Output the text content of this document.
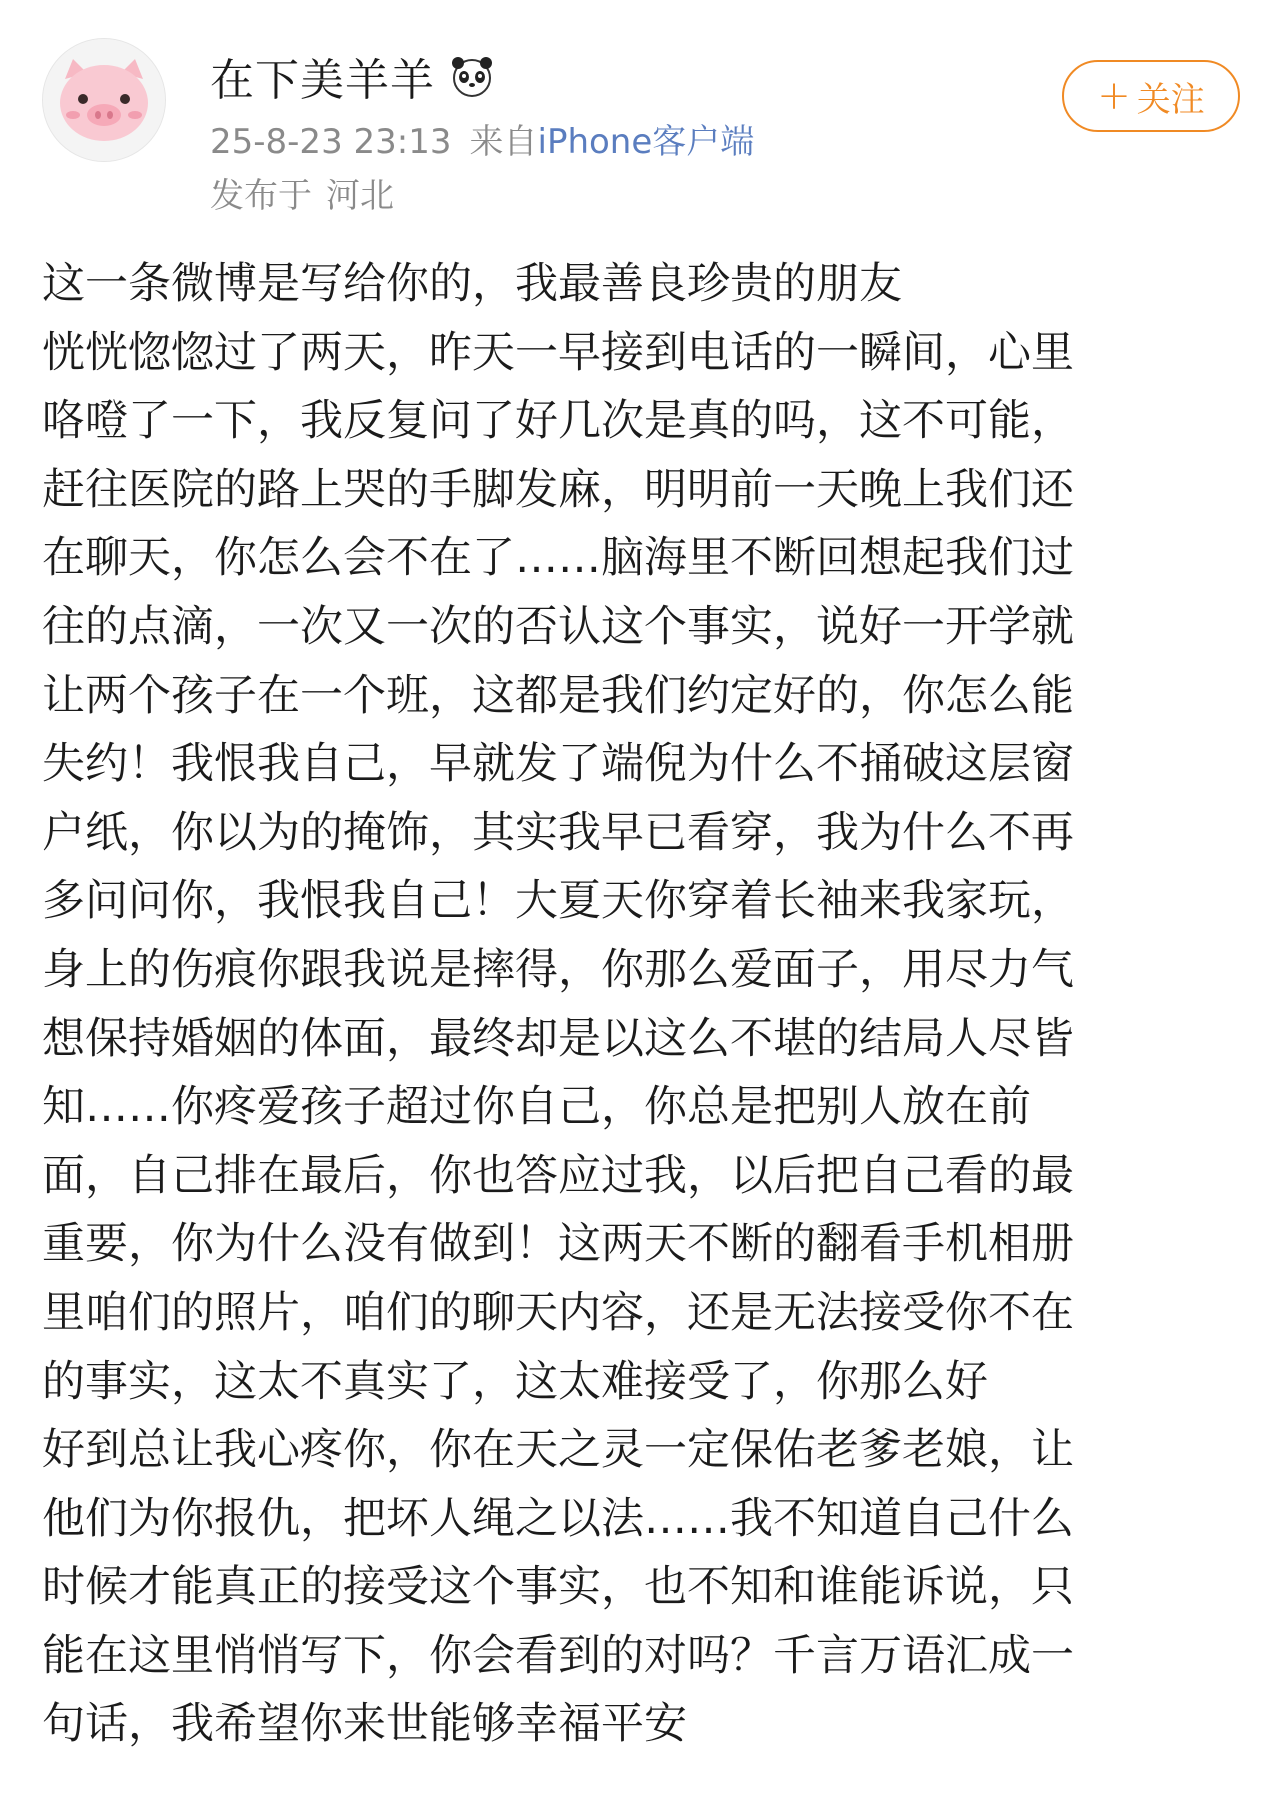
在下美羊羊
25-8-23 23:13 来自iPhone客户端
发布于 河北
+ 关注
这一条微博是写给你的，我最善良珍贵的朋友
恍恍惚惚过了两天，昨天一早接到电话的一瞬间，心里
咯噔了一下，我反复问了好几次是真的吗，这不可能，
赶往医院的路上哭的手脚发麻，明明前一天晚上我们还
在聊天，你怎么会不在了……脑海里不断回想起我们过
往的点滴，一次又一次的否认这个事实，说好一开学就
让两个孩子在一个班，这都是我们约定好的，你怎么能
失约！我恨我自己，早就发了端倪为什么不捅破这层窗
户纸，你以为的掩饰，其实我早已看穿，我为什么不再
多问问你，我恨我自己！大夏天你穿着长袖来我家玩，
身上的伤痕你跟我说是摔得，你那么爱面子，用尽力气
想保持婚姻的体面，最终却是以这么不堪的结局人尽皆
知……你疼爱孩子超过你自己，你总是把别人放在前
面，自己排在最后，你也答应过我，以后把自己看的最
重要，你为什么没有做到！这两天不断的翻看手机相册
里咱们的照片，咱们的聊天内容，还是无法接受你不在
的事实，这太不真实了，这太难接受了，你那么好
好到总让我心疼你，你在天之灵一定保佑老爹老娘，让
他们为你报仇，把坏人绳之以法……我不知道自己什么
时候才能真正的接受这个事实，也不知和谁能诉说，只
能在这里悄悄写下，你会看到的对吗？千言万语汇成一
句话，我希望你来世能够幸福平安
